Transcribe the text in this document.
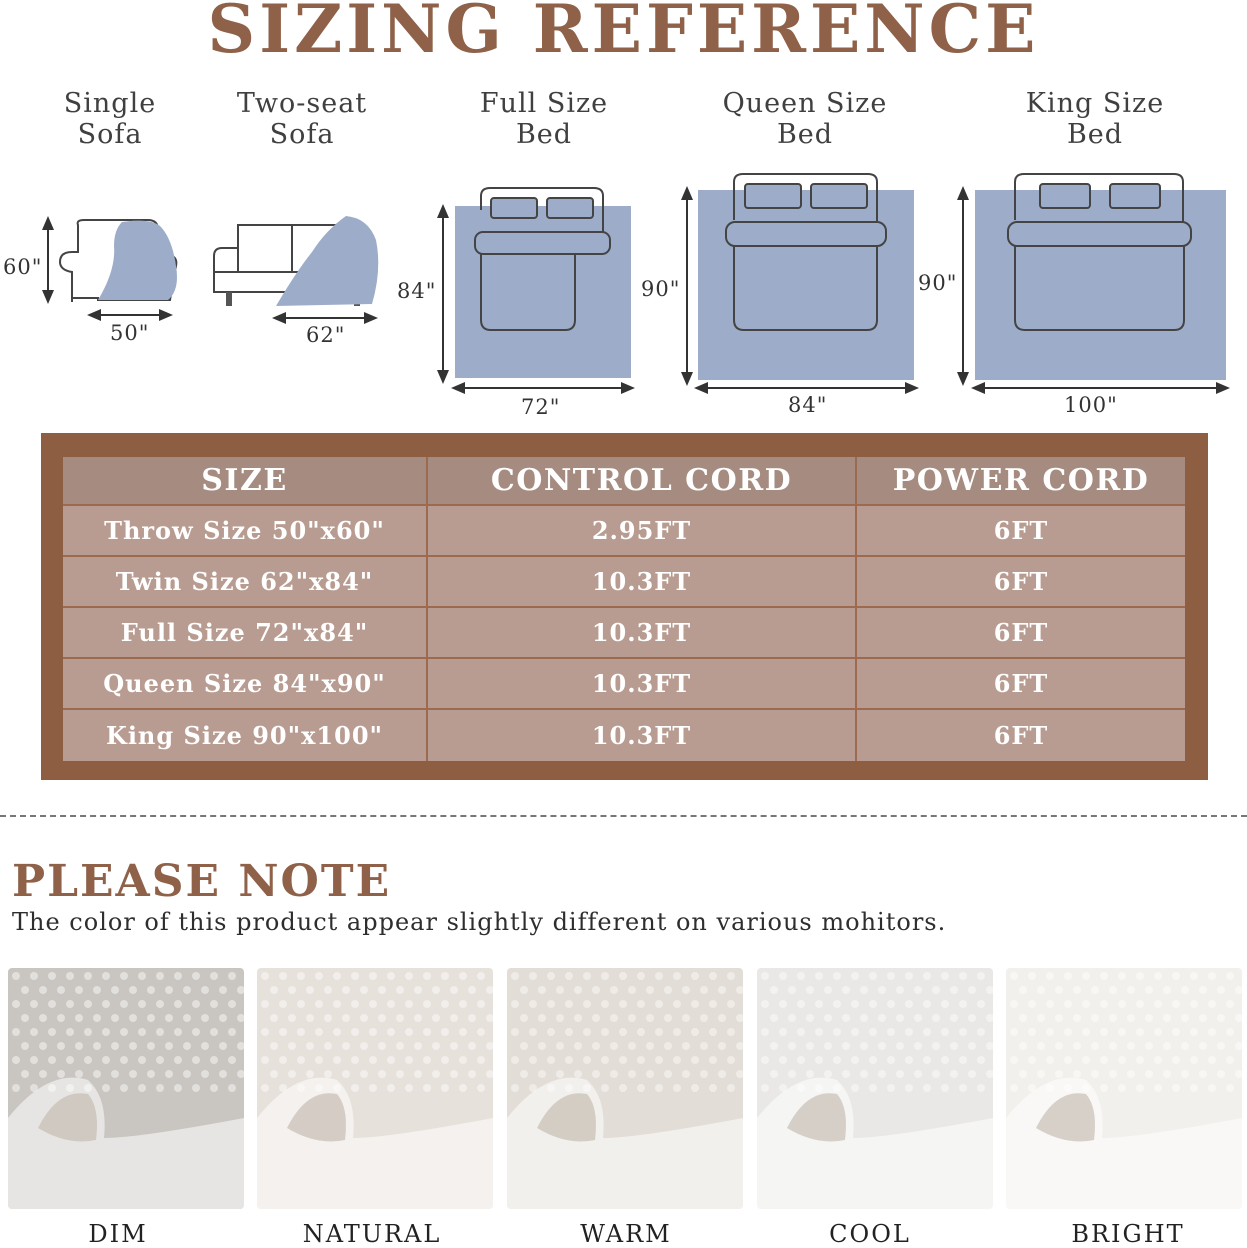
SIZING REFERENCE
Single
Sofa
Two-seat
Sofa
Full Size
Bed
Queen Size
Bed
King Size
Bed
60"
50"	62"
84"
72"
90"
84"
90"
100"
SIZE	CONTROL CORD	POWER CORD
Throw Size 50"x60"	2.95FT	6FT
Twin Size 62"x84"	10.3FT	6FT
Full Size 72"x84"	10.3FT	6FT
Queen Size 84"x90"	10.3FT	6FT
King Size 90"x100"	10.3FT	6FT
PLEASE NOTE
The color of this product appear slightly different on various mohitors.
DIM	NATURAL	WARM	COOL	BRIGHT
